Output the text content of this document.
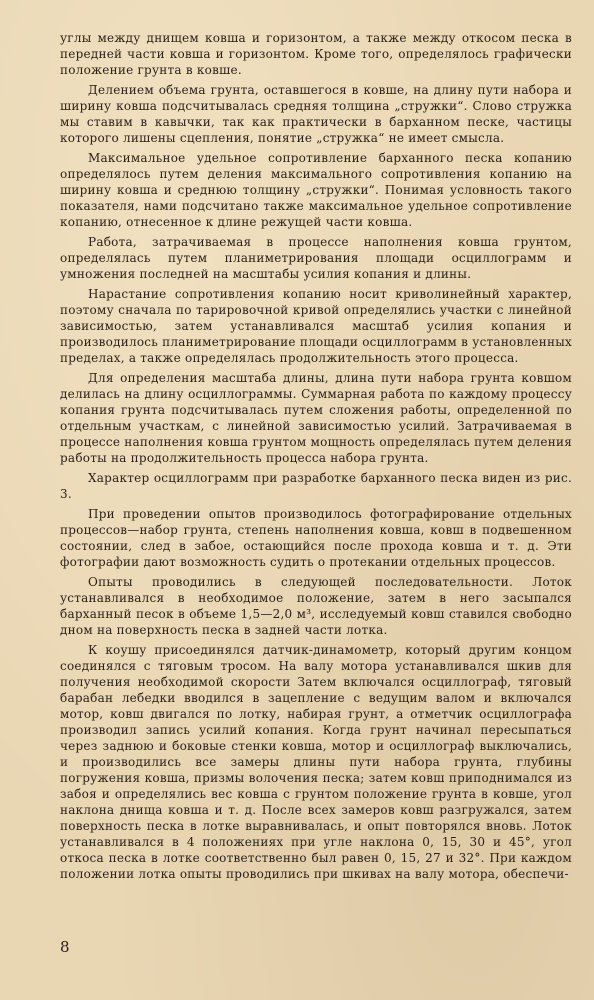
углы между днищем ковша и горизонтом, а также между откосом песка в передней части ковша и горизонтом. Кроме того, определялось графически положение грунта в ковше.

Делением объема грунта, оставшегося в ковше, на длину пути набора и ширину ковша подсчитывалась средняя толщина „стружки“. Слово стружка мы ставим в кавычки, так как практически в барханном песке, частицы которого лишены сцепления, понятие „стружка“ не имеет смысла.

Максимальное удельное сопротивление барханного песка копанию определялось путем деления максимального сопротивления копанию на ширину ковша и среднюю толщину „стружки“. Понимая условность такого показателя, нами подсчитано также максимальное удельное сопротивление копанию, отнесенное к длине режущей части ковша.

Работа, затрачиваемая в процессе наполнения ковша грунтом, определялась путем планиметрирования площади осциллограмм и умножения последней на масштабы усилия копания и длины.

Нарастание сопротивления копанию носит криволинейный характер, поэтому сначала по тарировочной кривой определялись участки с линейной зависимостью, затем устанавливался масштаб усилия копания и производилось планиметрирование площади осциллограмм в установленных пределах, а также определялась продолжительность этого процесса.

Для определения масштаба длины, длина пути набора грунта ковшом делилась на длину осциллограммы. Суммарная работа по каждому процессу копания грунта подсчитывалась путем сложения работы, определенной по отдельным участкам, с линейной зависимостью усилий. Затрачиваемая в процессе наполнения ковша грунтом мощность определялась путем деления работы на продолжительность процесса набора грунта.

Характер осциллограмм при разработке барханного песка виден из рис. 3.

При проведении опытов производилось фотографирование отдельных процессов—набор грунта, степень наполнения ковша, ковш в подвешенном состоянии, след в забое, остающийся после прохода ковша и т. д. Эти фотографии дают возможность судить о протекании отдельных процессов.

Опыты проводились в следующей последовательности. Лоток устанавливался в необходимое положение, затем в него засыпался барханный песок в объеме 1,5—2,0 м³, исследуемый ковш ставился свободно дном на поверхность песка в задней части лотка.

К коушу присоединялся датчик-динамометр, который другим концом соединялся с тяговым тросом. На валу мотора устанавливался шкив для получения необходимой скорости Затем включался осциллограф, тяговый барабан лебедки вводился в зацепление с ведущим валом и включался мотор, ковш двигался по лотку, набирая грунт, а отметчик осциллографа производил запись усилий копания. Когда грунт начинал пересыпаться через заднюю и боковые стенки ковша, мотор и осциллограф выключались, и производились все замеры длины пути набора грунта, глубины погружения ковша, призмы волочения песка; затем ковш приподнимался из забоя и определялись вес ковша с грунтом положение грунта в ковше, угол наклона днища ковша и т. д. После всех замеров ковш разгружался, затем поверхность песка в лотке выравнивалась, и опыт повторялся вновь. Лоток устанавливался в 4 положениях при угле наклона 0, 15, 30 и 45°, угол откоса песка в лотке соответственно был равен 0, 15, 27 и 32°. При каждом положении лотка опыты проводились при шкивах на валу мотора, обеспечи-

8
